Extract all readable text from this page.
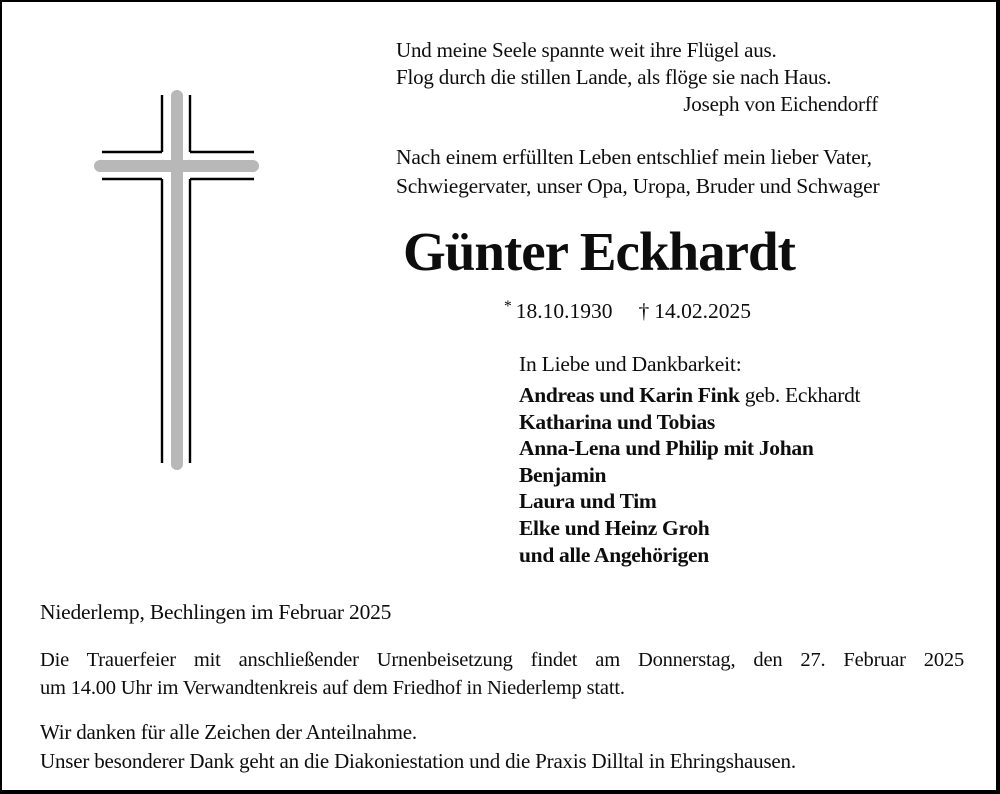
Und meine Seele spannte weit ihre Flügel aus.
Flog durch die stillen Lande, als flöge sie nach Haus.
Joseph von Eichendorff
Nach einem erfüllten Leben entschlief mein lieber Vater,
Schwiegervater, unser Opa, Uropa, Bruder und Schwager
Günter Eckhardt
* 18.10.1930 † 14.02.2025
In Liebe und Dankbarkeit:
Andreas und Karin Fink geb. Eckhardt
Katharina und Tobias
Anna-Lena und Philip mit Johan
Benjamin
Laura und Tim
Elke und Heinz Groh
und alle Angehörigen
Niederlemp, Bechlingen im Februar 2025
Die Trauerfeier mit anschließender Urnenbeisetzung findet am Donnerstag, den 27. Februar 2025
um 14.00 Uhr im Verwandtenkreis auf dem Friedhof in Niederlemp statt.
Wir danken für alle Zeichen der Anteilnahme.
Unser besonderer Dank geht an die Diakoniestation und die Praxis Dilltal in Ehringshausen.
